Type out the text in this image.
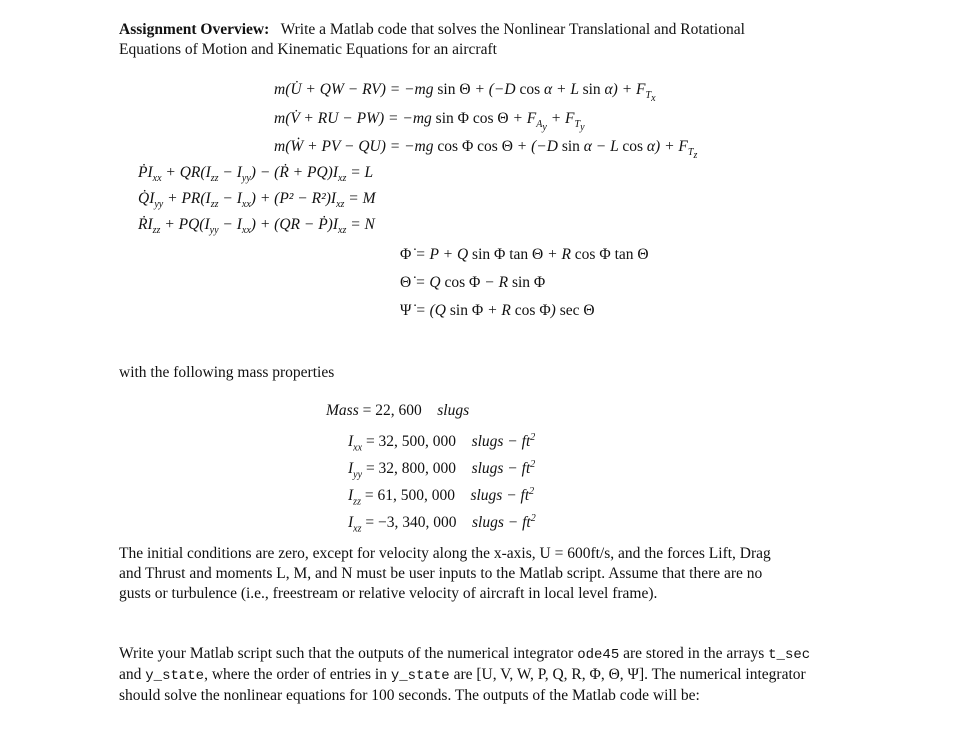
Assignment Overview: Write a Matlab code that solves the Nonlinear Translational and Rotational Equations of Motion and Kinematic Equations for an aircraft
m(U̇ + QW − RV) = −mg sin Θ + (−D cos α + L $\sin \alpha) + F_{T_x}$
m(V̇ + RU − PW) = −mg sin Φ $\cos \Theta + F_{A_y} + F_{T_y}$
m(Ẇ + PV − QU) = −mg cos Φ cos Θ + (−D sin α − L $\cos \alpha) + F_{T_z}$
ṖI$_{xx}$ + $QR(I_{zz} - I_{yy})$ − (Ṙ + $PQ)I_{xz} = L$
$Q̇I_{yy} + PR(I_{zz} - I_{xx}) + (P^2 - R^2)I_{xz} = M$
ṘI$_{zz}$ + $PQ(I_{yy} - I_{xx}) + (QR$ − $Ṗ)I_{xz} = N$
Φ̇ = P + Q sin Φ tan Θ + R cos Φ tan Θ
Θ̇ = Q cos Φ − R sin Φ
Ψ̇ = (Q sin Φ + R cos Φ) sec Θ
with the following mass properties
Mass = 22, 600    slugs
$I_{xx} = 32$, 500, 000    slugs − $ft^2$
$I_{yy} = 32$, 800, 000    slugs − $ft^2$
$I_{zz} = 61$, 500, 000    slugs − $ft^2$
$I_{xz} = -3$, 340, 000    slugs − $ft^2$
The initial conditions are zero, except for velocity along the x-axis, U = 600ft/s, and the forces Lift, Drag and Thrust and moments L, M, and N must be user inputs to the Matlab script. Assume that there are no gusts or turbulence (i.e., freestream or relative velocity of aircraft in local level frame).
Write your Matlab script such that the outputs of the numerical integrator ode45 are stored in the arrays t_sec and y_state, where the order of entries in y_state are [U, V, W, P, Q, R, Φ, Θ, Ψ]. The numerical integrator should solve the nonlinear equations for 100 seconds. The outputs of the Matlab code will be:
